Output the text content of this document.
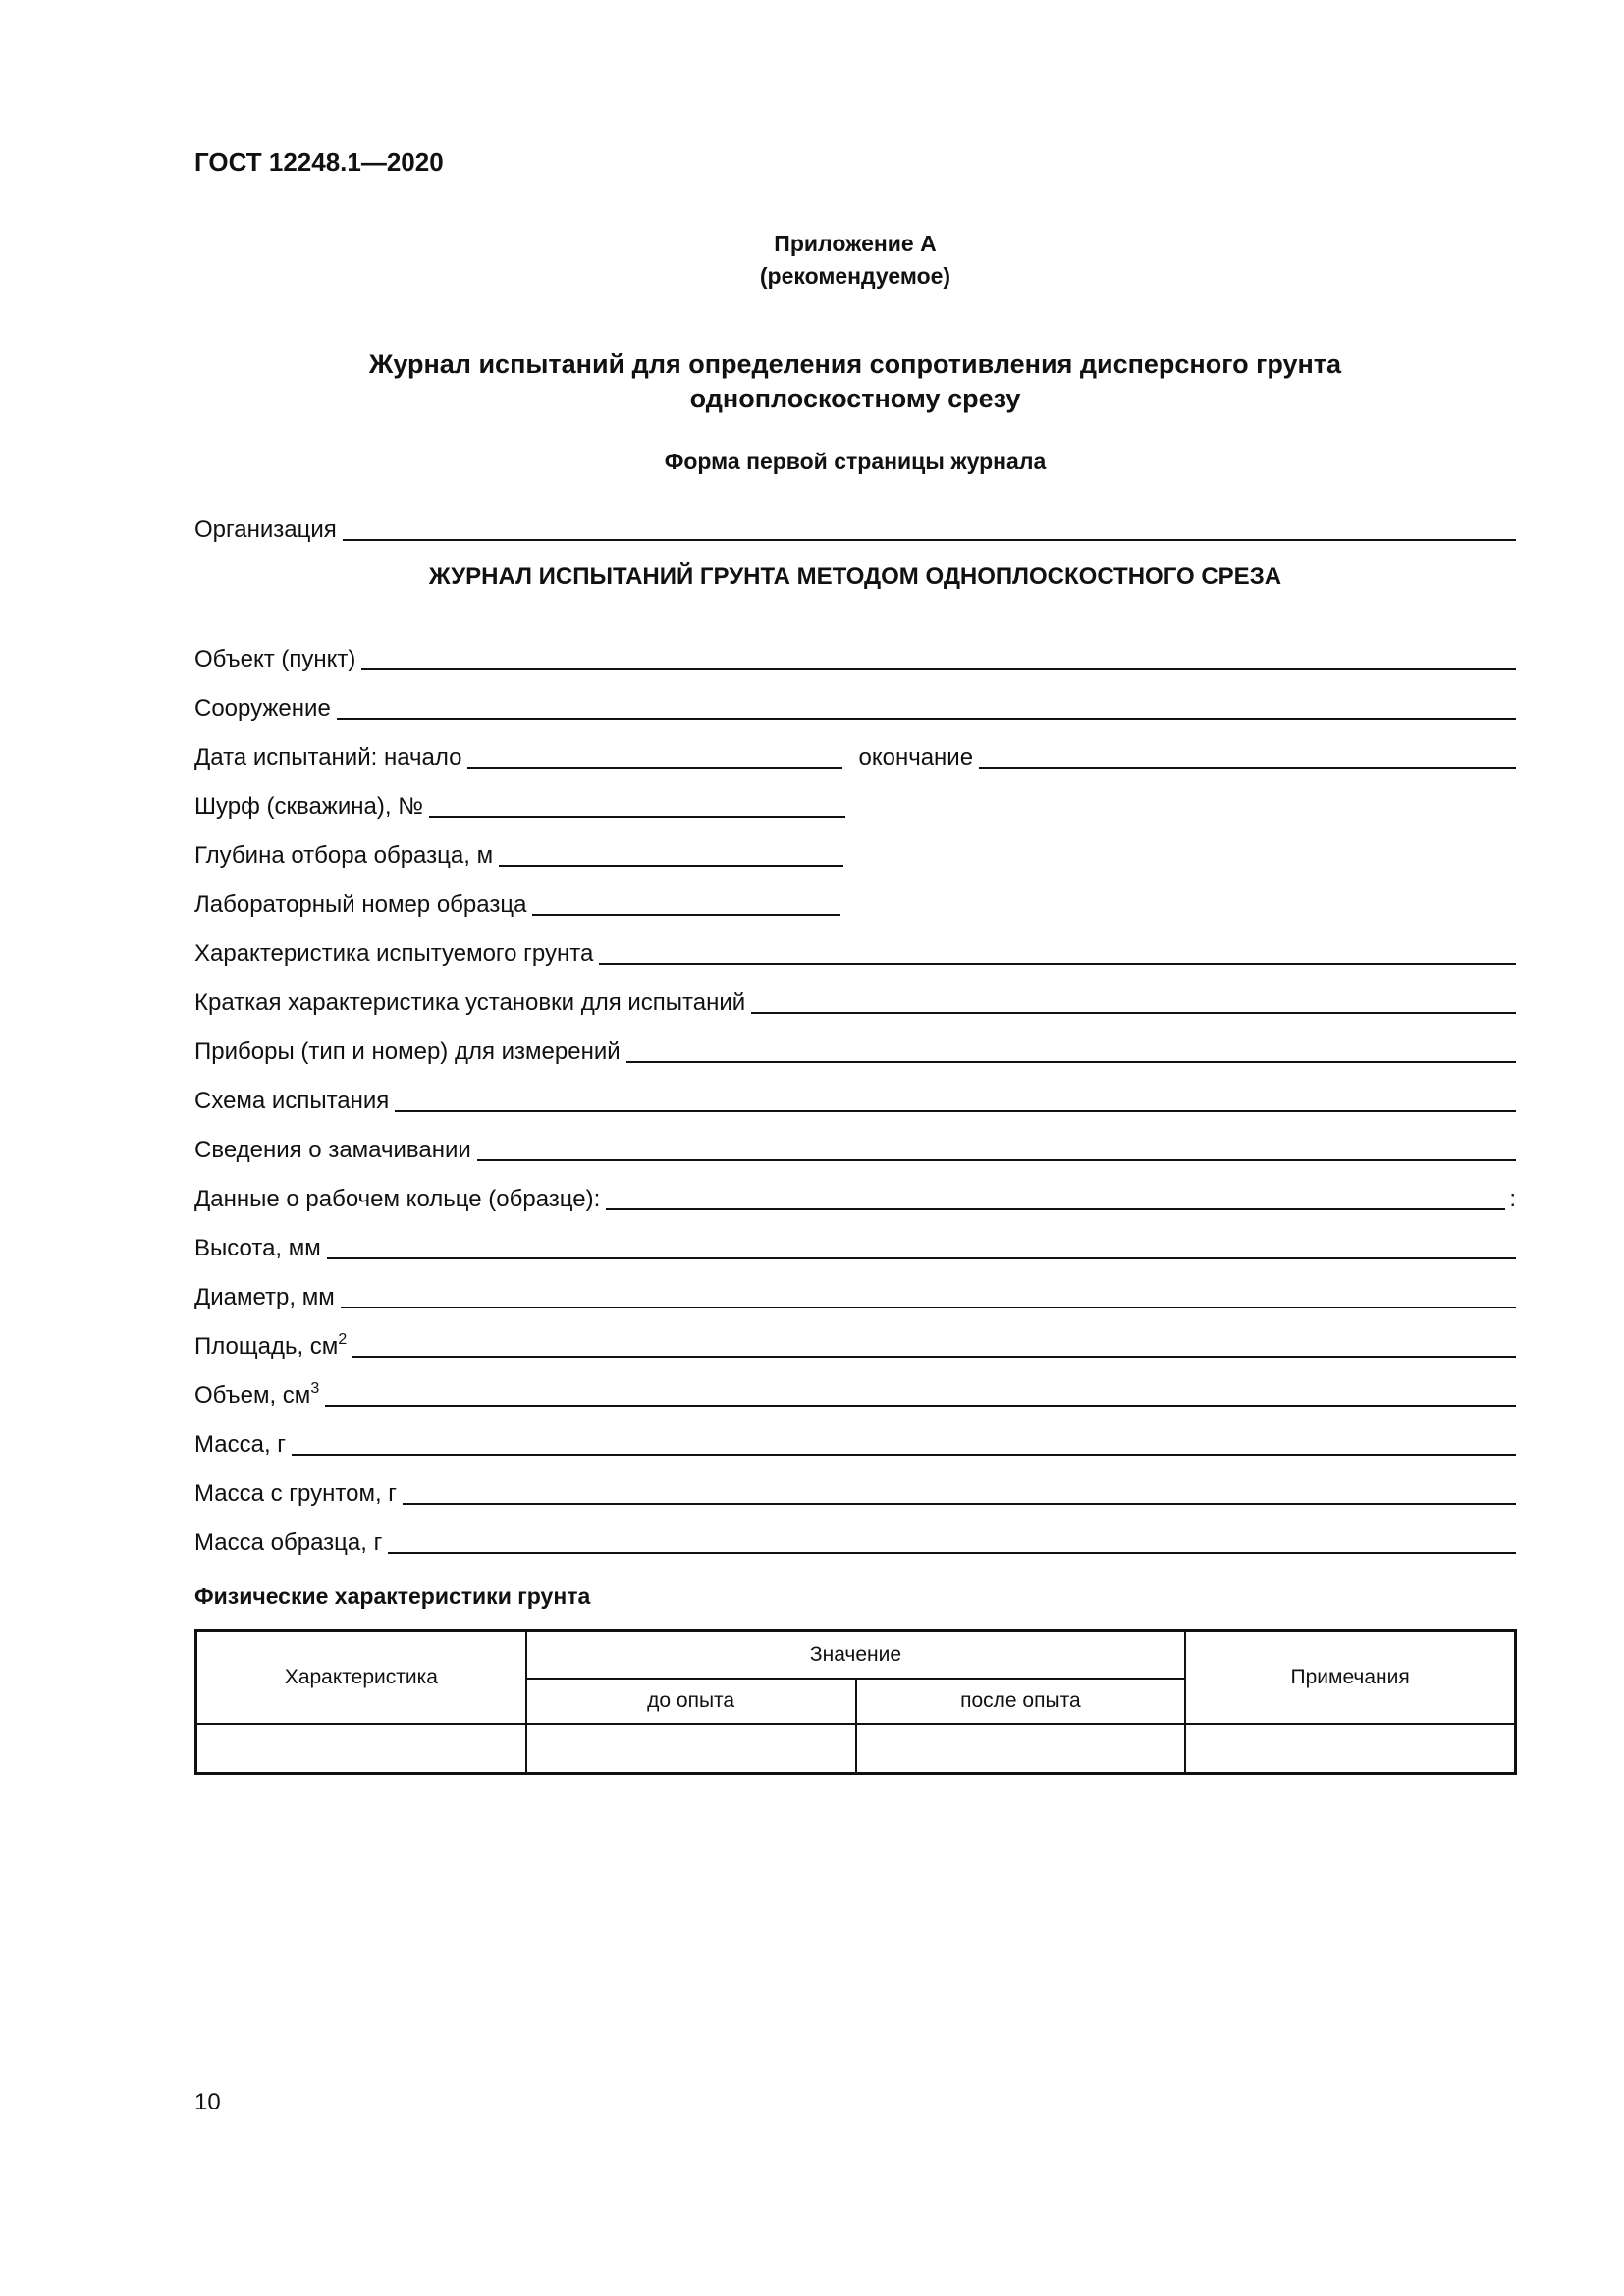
ГОСТ 12248.1—2020
Приложение А
(рекомендуемое)
Журнал испытаний для определения сопротивления дисперсного грунта
одноплоскостному срезу
Форма первой страницы журнала
Организация
ЖУРНАЛ ИСПЫТАНИЙ ГРУНТА МЕТОДОМ ОДНОПЛОСКОСТНОГО СРЕЗА
Объект (пункт)
Сооружение
Дата испытаний: начало	окончание
Шурф (скважина), №
Глубина отбора образца, м
Лабораторный номер образца
Характеристика испытуемого грунта
Краткая характеристика установки для испытаний
Приборы (тип и номер) для измерений
Схема испытания
Сведения о замачивании
Данные о рабочем кольце (образце):	:
Высота, мм
Диаметр, мм
Площадь, $см^2$
Объем, $см^3$
Масса, г
Масса с грунтом, г
Масса образца, г
Физические характеристики грунта
Характеристика	Значение		Примечания
	до опыта	после опыта	

10
